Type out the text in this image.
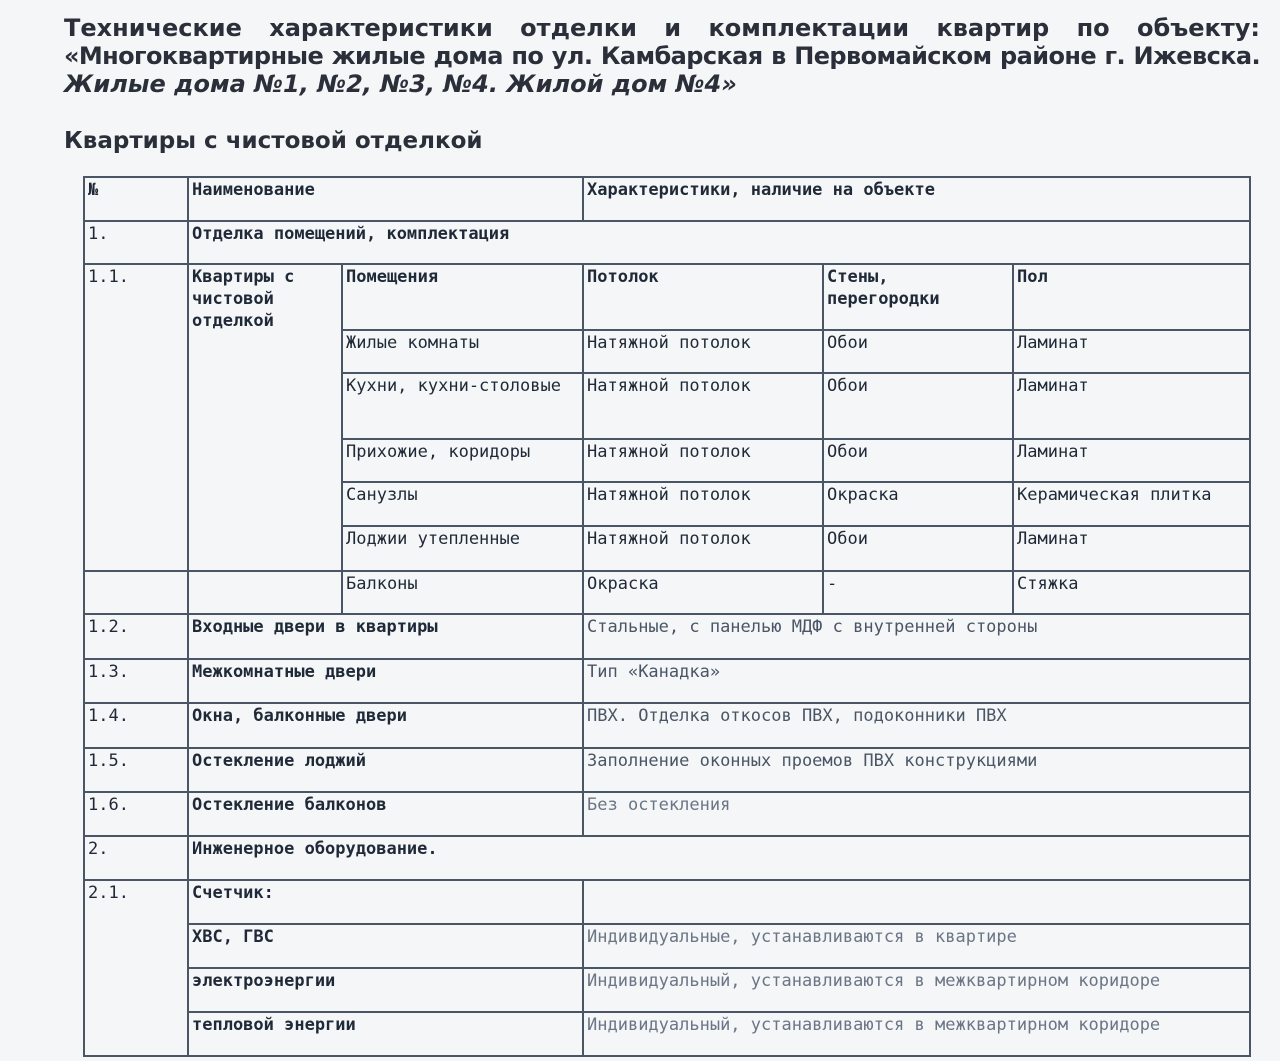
Технические характеристики отделки и комплектации квартир по объекту:
«Многоквартирные жилые дома по ул. Камбарская в Первомайском районе г. Ижевска.
Жилые дома №1, №2, №3, №4. Жилой дом №4»
Квартиры с чистовой отделкой
№	Наименование		Характеристики, наличие на объекте		
1.	Отделка помещений, комплектация				
1.1.	Квартиры с чистовой отделкой	Помещения	Потолок	Стены, перегородки	Пол
		Жилые комнаты	Натяжной потолок	Обои	Ламинат
		Кухни, кухни-столовые	Натяжной потолок	Обои	Ламинат
		Прихожие, коридоры	Натяжной потолок	Обои	Ламинат
		Санузлы	Натяжной потолок	Окраска	Керамическая плитка
		Лоджии утепленные	Натяжной потолок	Обои	Ламинат
		Балконы	Окраска	-	Стяжка
1.2.	Входные двери в квартиры		Стальные, с панелью МДФ с внутренней стороны		
1.3.	Межкомнатные двери		Тип «Канадка»		
1.4.	Окна, балконные двери		ПВХ. Отделка откосов ПВХ, подоконники ПВХ		
1.5.	Остекление лоджий		Заполнение оконных проемов ПВХ конструкциями		
1.6.	Остекление балконов		Без остекления		
2.	Инженерное оборудование.				
2.1.	Счетчик:				
	ХВС, ГВС		Индивидуальные, устанавливаются в квартире		
	электроэнергии		Индивидуальный, устанавливаются в межквартирном коридоре		
	тепловой энергии		Индивидуальный, устанавливаются в межквартирном коридоре		
